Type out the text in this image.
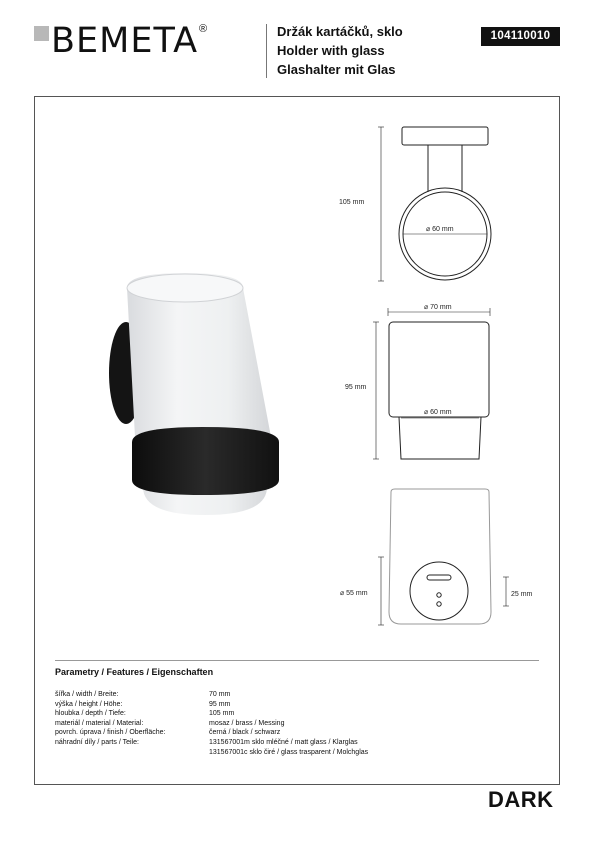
BEMETA ®	Držák kartáčků, sklo
Holder with glass
Glashalter mit Glas
104110010
105 mm
⌀ 60 mm
⌀ 70 mm
95 mm
⌀ 60 mm
⌀ 55 mm	25 mm
Parametry / Features / Eigenschaften
šířka / width / Breite:	70 mm
výška / height / Höhe:	95 mm
hloubka / depth / Tiefe:	105 mm
materiál / material / Material:	mosaz / brass / Messing
povrch. úprava / finish / Oberfläche:	černá / black / schwarz
náhradní díly / parts / Teile:	131567001m sklo mléčné / matt glass / Klarglas
131567001c sklo čiré / glass trasparent / Molchglas
DARK
